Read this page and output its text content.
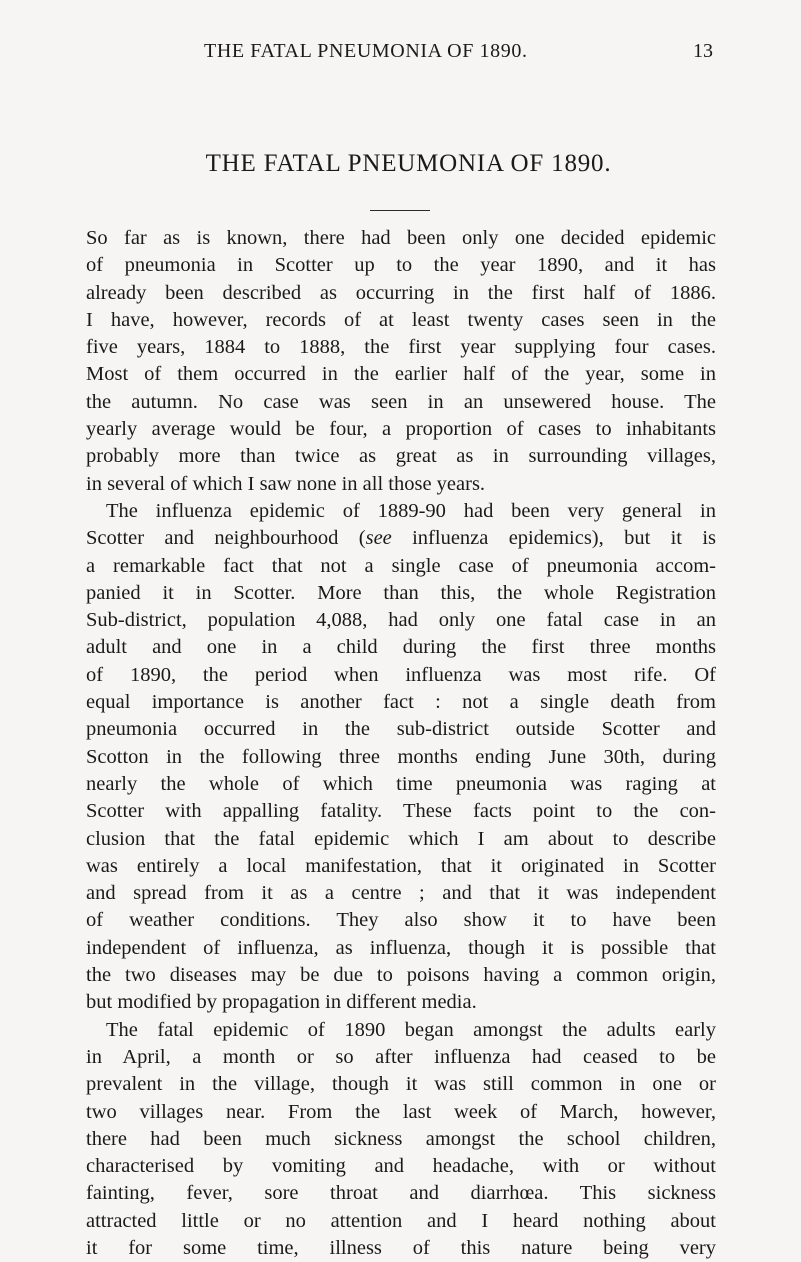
THE FATAL PNEUMONIA OF 1890.	13
THE FATAL PNEUMONIA OF 1890.
So far as is known, there had been only one decided epidemic
of pneumonia in Scotter up to the year 1890, and it has
already been described as occurring in the first half of 1886.
I have, however, records of at least twenty cases seen in the
five years, 1884 to 1888, the first year supplying four cases.
Most of them occurred in the earlier half of the year, some in
the autumn. No case was seen in an unsewered house. The
yearly average would be four, a proportion of cases to inhabitants
probably more than twice as great as in surrounding villages,
in several of which I saw none in all those years.
The influenza epidemic of 1889-90 had been very general in
Scotter and neighbourhood (see influenza epidemics), but it is
a remarkable fact that not a single case of pneumonia accom-
panied it in Scotter. More than this, the whole Registration
Sub-district, population 4,088, had only one fatal case in an
adult and one in a child during the first three months
of 1890, the period when influenza was most rife. Of
equal importance is another fact : not a single death from
pneumonia occurred in the sub-district outside Scotter and
Scotton in the following three months ending June 30th, during
nearly the whole of which time pneumonia was raging at
Scotter with appalling fatality. These facts point to the con-
clusion that the fatal epidemic which I am about to describe
was entirely a local manifestation, that it originated in Scotter
and spread from it as a centre ; and that it was independent
of weather conditions. They also show it to have been
independent of influenza, as influenza, though it is possible that
the two diseases may be due to poisons having a common origin,
but modified by propagation in different media.
The fatal epidemic of 1890 began amongst the adults early
in April, a month or so after influenza had ceased to be
prevalent in the village, though it was still common in one or
two villages near. From the last week of March, however,
there had been much sickness amongst the school children,
characterised by vomiting and headache, with or without
fainting, fever, sore throat and diarrhœa. This sickness
attracted little or no attention and I heard nothing about
it for some time, illness of this nature being very
